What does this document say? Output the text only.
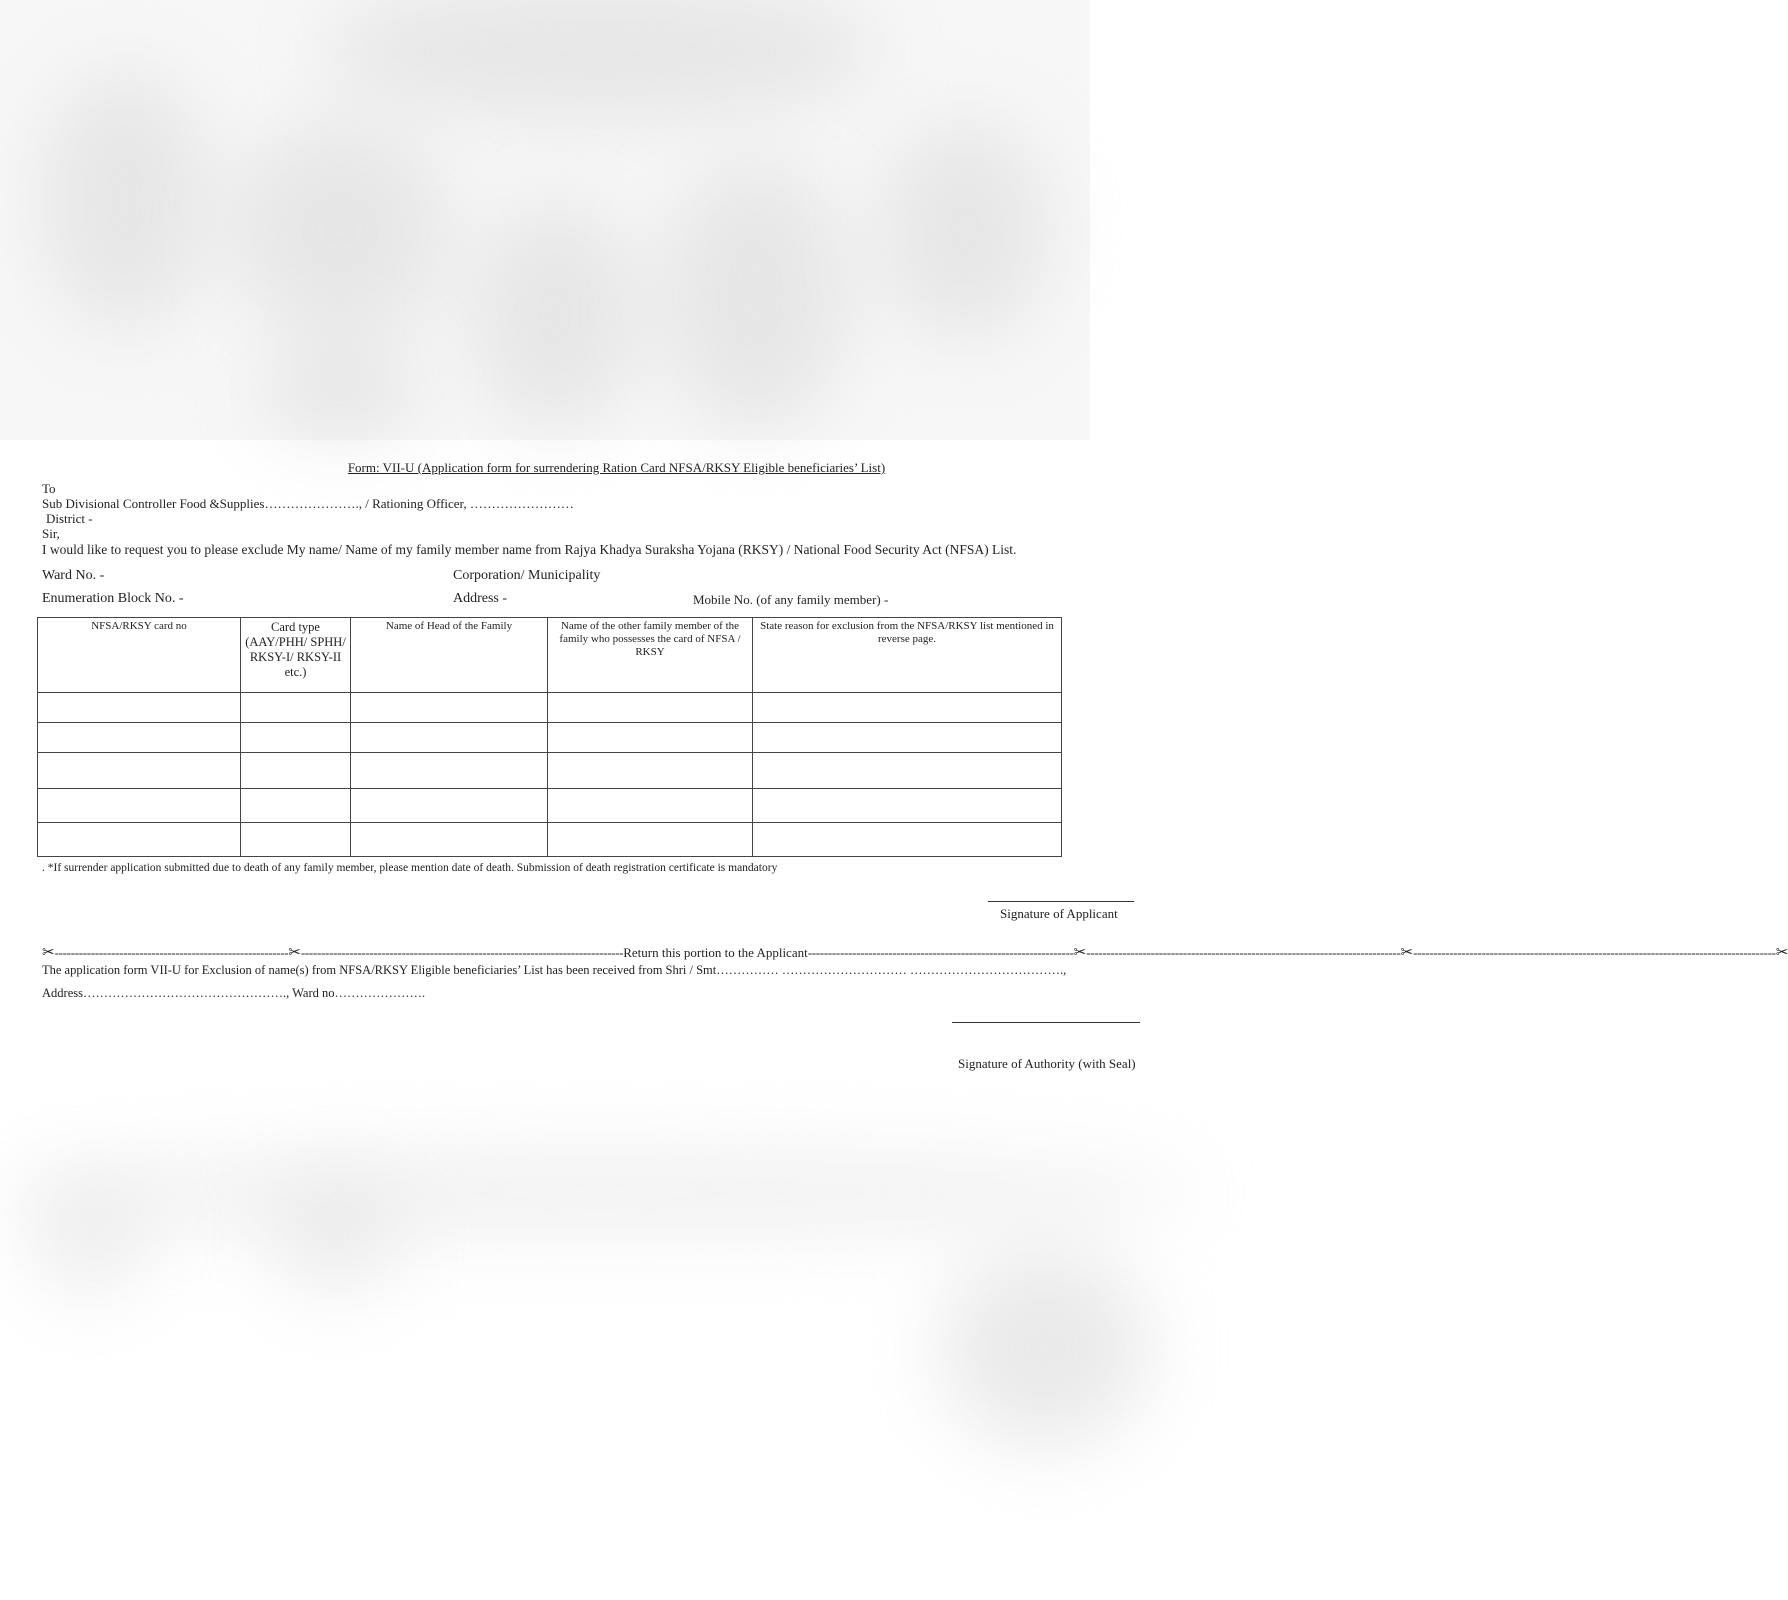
Form: VII-U (Application form for surrendering Ration Card NFSA/RKSY Eligible beneficiaries’ List)
To
Sub Divisional Controller Food &Supplies…………………., / Rationing Officer, ……………………
District -
Sir,
I would like to request you to please exclude My name/ Name of my family member name from Rajya Khadya Suraksha Yojana (RKSY) / National Food Security Act (NFSA) List.
Ward No. -	Corporation/ Municipality
Enumeration Block No. -	Address -	Mobile No. (of any family member) -
NFSA/RKSY card no	Card type (AAY/PHH/ SPHH/ RKSY-I/ RKSY-II etc.)	Name of Head of the Family	Name of the other family member of the family who possesses the card of NFSA / RKSY	State reason for exclusion from the NFSA/RKSY list mentioned in reverse page.

. *If surrender application submitted due to death of any family member, please mention date of death. Submission of death registration certificate is mandatory
Signature of Applicant
✂ ---------------------------------------------------------- ✂ -------------------------------------------------------------------------------- Return this portion to the Applicant ------------------------------------------------------------------ ✂ ------------------------------------------------------------------------------ ✂ ------------------------------------------------------------------------------------------ ✂
The application form VII-U for Exclusion of name(s) from NFSA/RKSY Eligible beneficiaries’ List has been received from Shri / Smt…………… ………………………… ……………………………….,
Address…………………………………………., Ward no………………….
Signature of Authority (with Seal)
